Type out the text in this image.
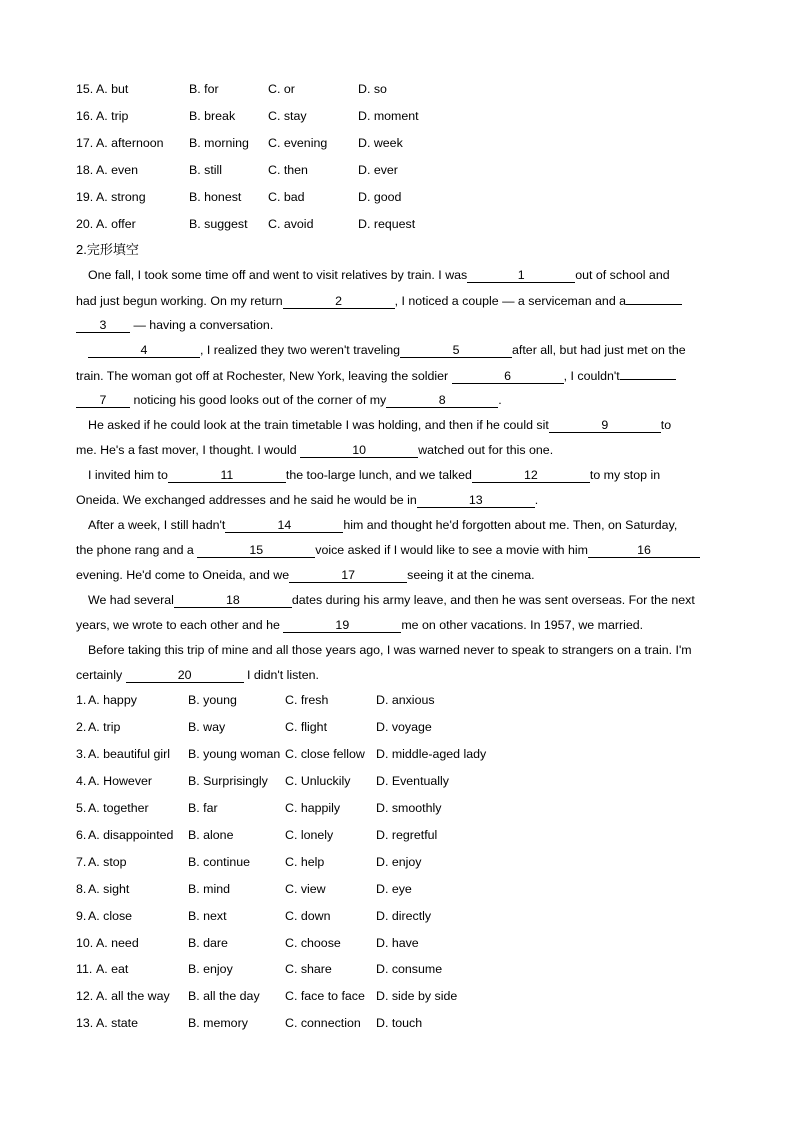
15. A. but	B. for	C. or	D. so
16. A. trip	B. break	C. stay	D. moment
17. A. afternoon B. morning C. evening D. week
18. A. even	B. still	C. then	D. ever
19. A. strong	B. honest C. bad	D. good
20. A. offer	B. suggest C. avoid	D. request
2.完形填空
One fall, I took some time off and went to visit relatives by train. I was	1	out of school and
had just begun working. On my return	2	, I noticed a couple — a serviceman and a
3 — having a conversation.
4	, I realized they two weren't traveling	5	after all, but had just met on the
train. The woman got off at Rochester, New York, leaving the soldier	6	, I couldn't
7 noticing his good looks out of the corner of my	8	.
He asked if he could look at the train timetable I was holding, and then if he could sit	9	to
me. He's a fast mover, I thought. I would	10	watched out for this one.
I invited him to	11	the too-large lunch, and we talked	12	to my stop in
Oneida. We exchanged addresses and he said he would be in	13	.
After a week, I still hadn't	14	him and thought he'd forgotten about me. Then, on Saturday,
the phone rang and a	15	voice asked if I would like to see a movie with him	16
evening. He'd come to Oneida, and we	17	seeing it at the cinema.
We had several	18	dates during his army leave, and then he was sent overseas. For the next
years, we wrote to each other and he	19	me on other vacations. In 1957, we married.
Before taking this trip of mine and all those years ago, I was warned never to speak to strangers on a train. I'm
certainly	20	I didn't listen.
1. A. happy	B. young	C. fresh	D. anxious
2. A. trip	B. way	C. flight	D. voyage
3. A. beautiful girl B. young woman C. close fellow D. middle-aged lady
4. A. However	B. Surprisingly C. Unluckily D. Eventually
5. A. together	B. far	C. happily	D. smoothly
6. A. disappointed B. alone	C. lonely	D. regretful
7. A. stop	B. continue	C. help	D. enjoy
8. A. sight	B. mind	C. view	D. eye
9. A. close	B. next	C. down	D. directly
10. A. need	B. dare	C. choose	D. have
11. A. eat	B. enjoy	C. share	D. consume
12. A. all the way B. all the day C. face to face D. side by side
13. A. state	B. memory	C. connection D. touch
